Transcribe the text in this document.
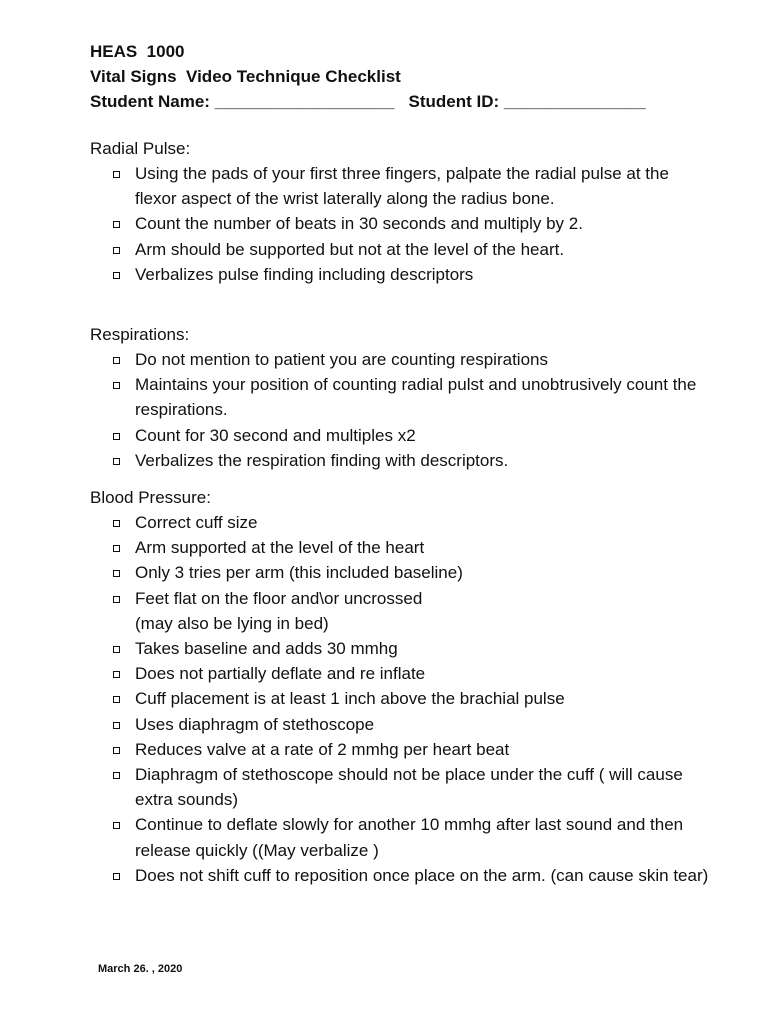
HEAS  1000
Vital Signs  Video Technique Checklist
Student Name: ___________________ Student ID: _______________
Radial Pulse:
Using the pads of your first three fingers, palpate the radial pulse at the flexor aspect of the wrist laterally along the radius bone.
Count the number of beats in 30 seconds and multiply by 2.
Arm should be supported but not at the level of the heart.
Verbalizes pulse finding including descriptors
Respirations:
Do not mention to patient you are counting respirations
Maintains your position of counting radial pulst and unobtrusively count the respirations.
Count for 30 second and multiples x2
Verbalizes the respiration finding with descriptors.
Blood Pressure:
Correct cuff size
Arm supported at the level of the heart
Only 3 tries per arm (this included baseline)
Feet flat on the floor and\or uncrossed
(may also be lying in bed)
Takes baseline and adds 30 mmhg
Does not partially deflate and re inflate
Cuff placement is at least 1 inch above the brachial pulse
Uses diaphragm of stethoscope
Reduces valve at a rate of 2 mmhg per heart beat
Diaphragm of stethoscope should not be place under the cuff ( will cause extra sounds)
Continue to deflate slowly for another 10 mmhg after last sound and then release quickly ((May verbalize )
Does not shift cuff to reposition once place on the arm. (can cause skin tear)
March 26. , 2020
